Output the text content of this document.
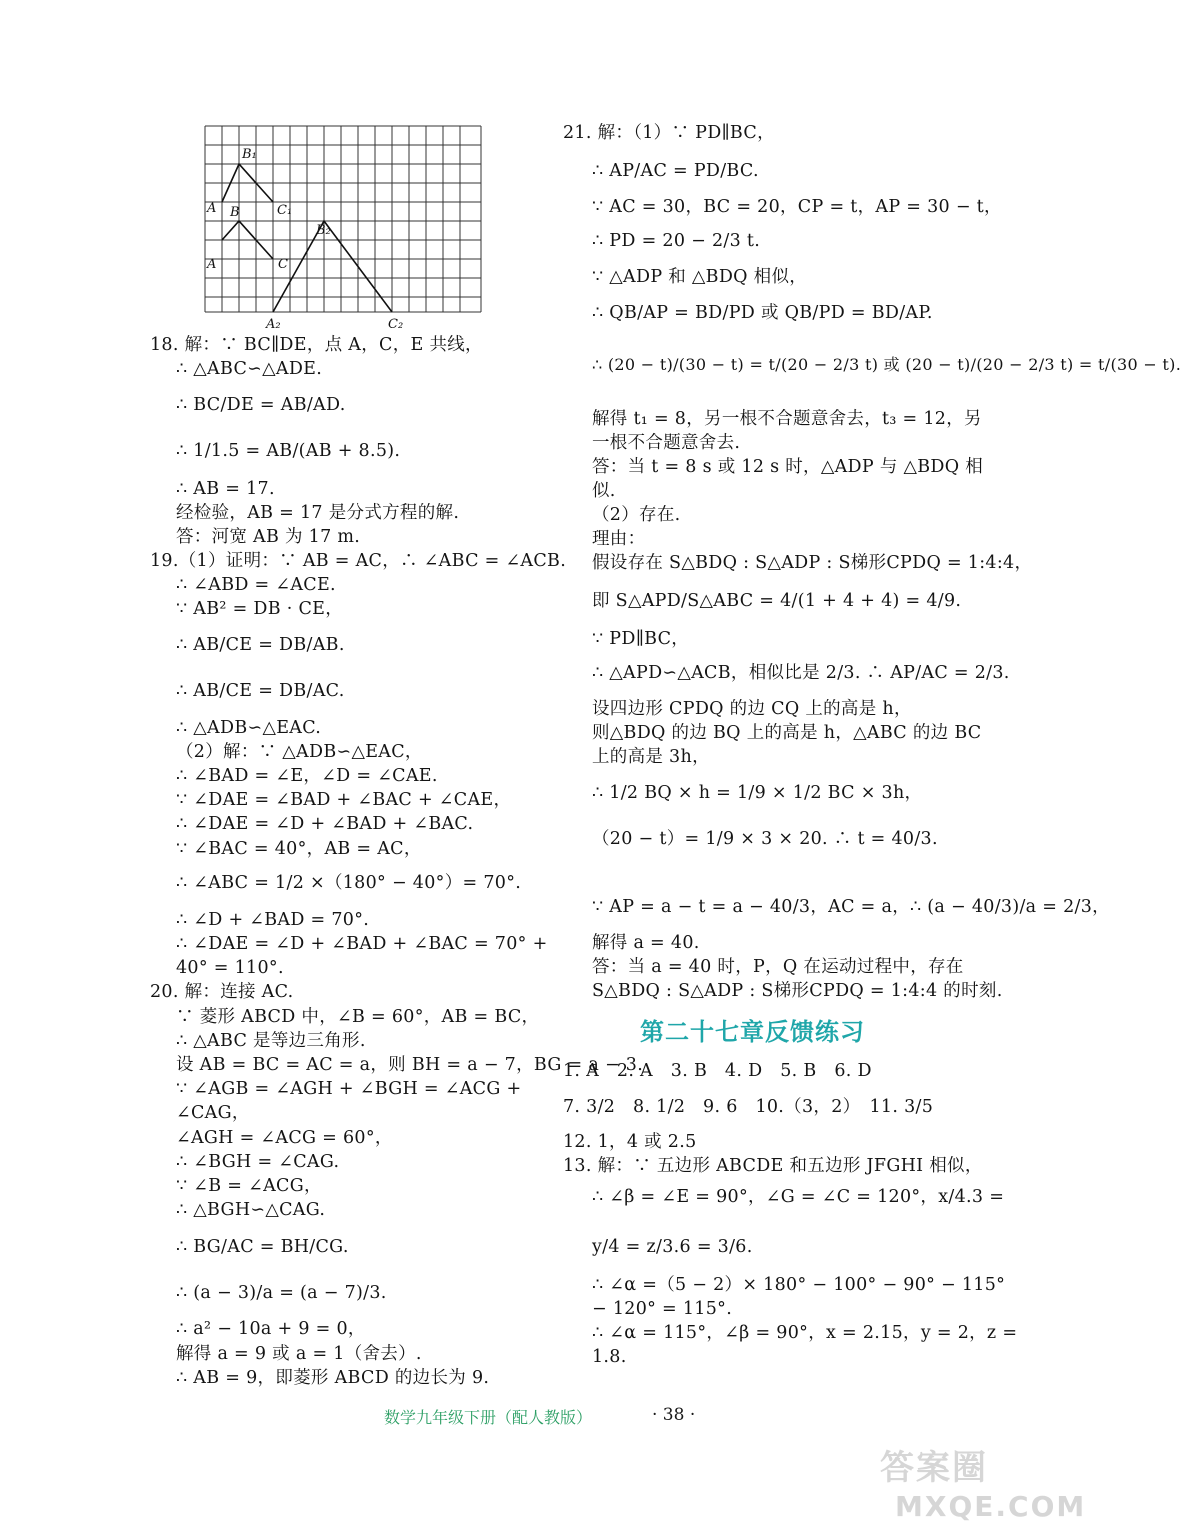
B₁
A B	C₁
B₂
A	C
A₂	C₂
18. 解：∵ BC∥DE，点 A，C，E 共线，
∴ △ABC∽△ADE.
∴ BC/DE = AB/AD.
∴ 1/1.5 = AB/(AB + 8.5).
∴ AB = 17.
经检验，AB = 17 是分式方程的解.
答：河宽 AB 为 17 m.
19.（1）证明：∵ AB = AC，∴ ∠ABC = ∠ACB.
∴ ∠ABD = ∠ACE.
∵ AB² = DB · CE，
∴ AB/CE = DB/AB.
∴ AB/CE = DB/AC.
∴ △ADB∽△EAC.
（2）解：∵ △ADB∽△EAC，
∴ ∠BAD = ∠E，∠D = ∠CAE.
∵ ∠DAE = ∠BAD + ∠BAC + ∠CAE，
∴ ∠DAE = ∠D + ∠BAD + ∠BAC.
∵ ∠BAC = 40°，AB = AC，
∴ ∠ABC = 1/2 ×（180° − 40°）= 70°.
∴ ∠D + ∠BAD = 70°.
∴ ∠DAE = ∠D + ∠BAD + ∠BAC = 70° +
40° = 110°.
20. 解：连接 AC.
∵ 菱形 ABCD 中，∠B = 60°，AB = BC，
∴ △ABC 是等边三角形.
设 AB = BC = AC = a，则 BH = a − 7，BG = a − 3.
∵ ∠AGB = ∠AGH + ∠BGH = ∠ACG +
∠CAG，
∠AGH = ∠ACG = 60°，
∴ ∠BGH = ∠CAG.
∵ ∠B = ∠ACG，
∴ △BGH∽△CAG.
∴ BG/AC = BH/CG.
∴ (a − 3)/a = (a − 7)/3.
∴ a² − 10a + 9 = 0，
解得 a = 9 或 a = 1（舍去）.
∴ AB = 9，即菱形 ABCD 的边长为 9.
21. 解：（1）∵ PD∥BC，
∴ AP/AC = PD/BC.
∵ AC = 30，BC = 20，CP = t，AP = 30 − t，
∴ PD = 20 − 2/3 t.
∵ △ADP 和 △BDQ 相似，
∴ QB/AP = BD/PD 或 QB/PD = BD/AP.
∴ (20 − t)/(30 − t) = t/(20 − 2/3 t) 或 (20 − t)/(20 − 2/3 t) = t/(30 − t).
解得 t₁ = 8，另一根不合题意舍去，t₃ = 12，另
一根不合题意舍去.
答：当 t = 8 s 或 12 s 时，△ADP 与 △BDQ 相
似.
（2）存在.
理由：
假设存在 S△BDQ : S△ADP : S梯形CPDQ = 1:4:4，
即 S△APD/S△ABC = 4/(1 + 4 + 4) = 4/9.
∵ PD∥BC，
∴ △APD∽△ACB，相似比是 2/3. ∴ AP/AC = 2/3.
设四边形 CPDQ 的边 CQ 上的高是 h，
则△BDQ 的边 BQ 上的高是 h，△ABC 的边 BC
上的高是 3h，
∴ 1/2 BQ × h = 1/9 × 1/2 BC × 3h，
（20 − t）= 1/9 × 3 × 20. ∴ t = 40/3.
∵ AP = a − t = a − 40/3，AC = a，∴ (a − 40/3)/a = 2/3，
解得 a = 40.
答：当 a = 40 时，P，Q 在运动过程中，存在
S△BDQ : S△ADP : S梯形CPDQ = 1:4:4 的时刻.
第二十七章反馈练习
1. A　2. A　3. B　4. D　5. B　6. D
7. 3/2　8. 1/2　9. 6　10.（3，2）　11. 3/5
12. 1，4 或 2.5
13. 解：∵ 五边形 ABCDE 和五边形 JFGHI 相似，
∴ ∠β = ∠E = 90°，∠G = ∠C = 120°，x/4.3 =
y/4 = z/3.6 = 3/6.
∴ ∠α =（5 − 2）× 180° − 100° − 90° − 115°
− 120° = 115°.
∴ ∠α = 115°，∠β = 90°，x = 2.15，y = 2，z =
1.8.
数学九年级下册（配人教版）	· 38 ·
答案圈
MXQE.COM
